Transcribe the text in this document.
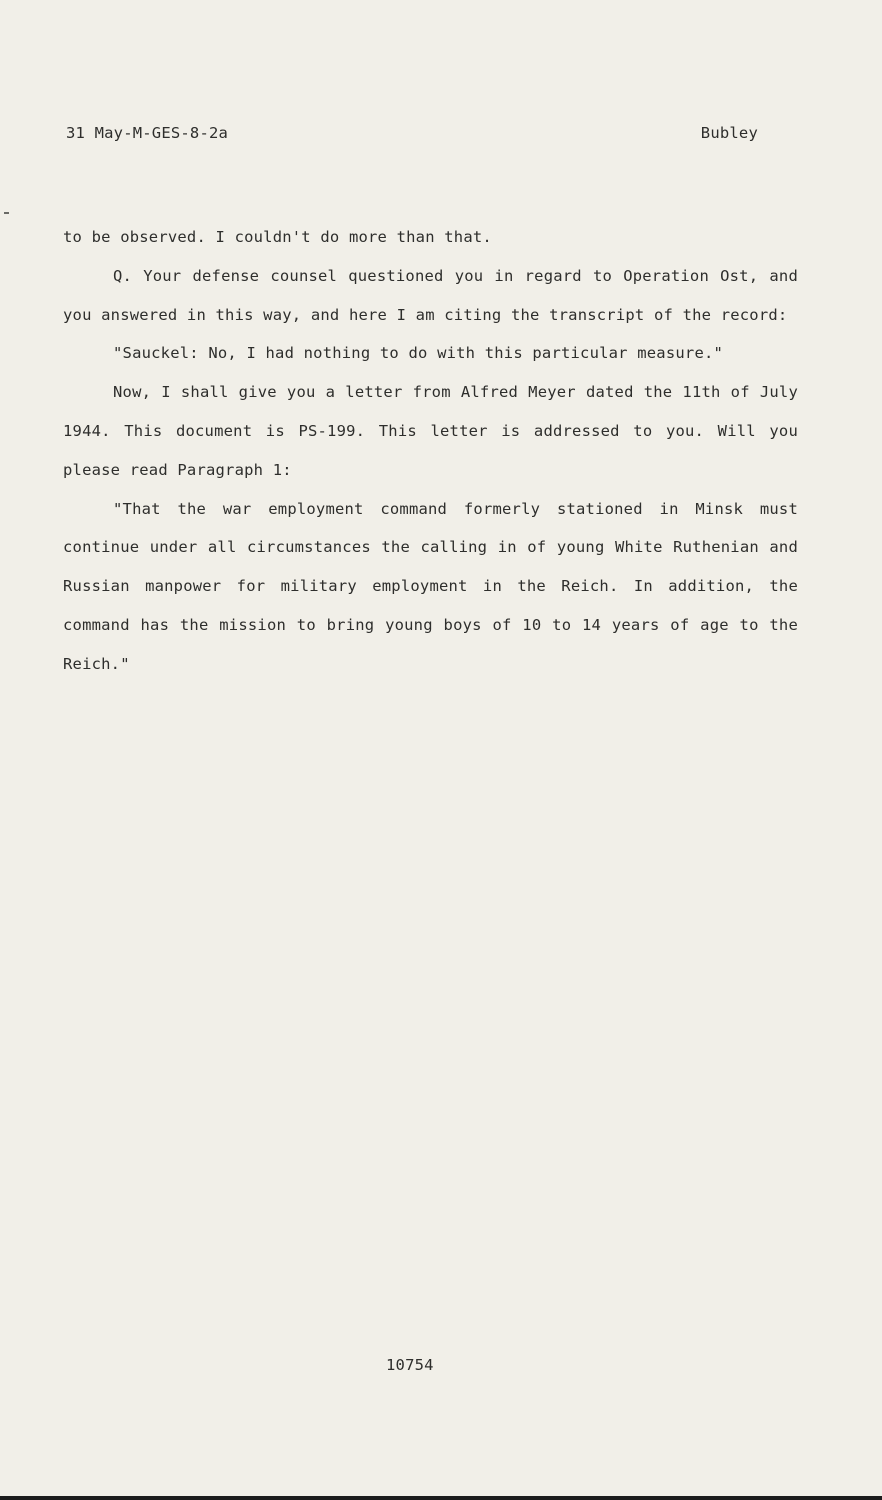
31 May-M-GES-8-2a	Bubley

to be observed. I couldn't do more than that.

Q. Your defense counsel questioned you in regard to Operation Ost, and you answered in this way, and here I am citing the transcript of the record:

"Sauckel: No, I had nothing to do with this particular measure."

Now, I shall give you a letter from Alfred Meyer dated the 11th of July 1944. This document is PS-199. This letter is addressed to you. Will you please read Paragraph 1:

"That the war employment command formerly stationed in Minsk must continue under all circumstances the calling in of young White Ruthenian and Russian manpower for military employment in the Reich. In addition, the command has the mission to bring young boys of 10 to 14 years of age to the Reich."

10754
